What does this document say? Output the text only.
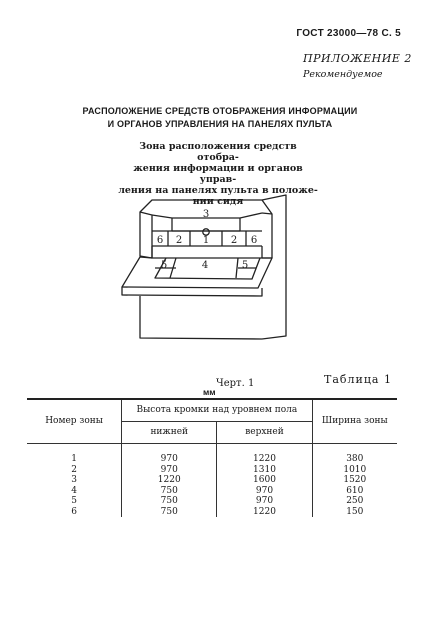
ГОСТ 23000—78 С. 5
ПРИЛОЖЕНИЕ 2
Рекомендуемое
РАСПОЛОЖЕНИЕ СРЕДСТВ ОТОБРАЖЕНИЯ ИНФОРМАЦИИ
И ОРГАНОВ УПРАВЛЕНИЯ НА ПАНЕЛЯХ ПУЛЬТА
Зона расположения средств отобра-
жения информации и органов управ-
ления на панелях пульта в положе-
нии сидя
3
6 2 1 2 6
5	4	5
Черт. 1	Таблица 1
мм
Номер зоны	Высота кромки над уровнем пола		Ширина зоны
	нижней	верхней	

1	970	1220	380
2	970	1310	1010
3	1220	1600	1520
4	750	970	610
5	750	970	250
6	750	1220	150
